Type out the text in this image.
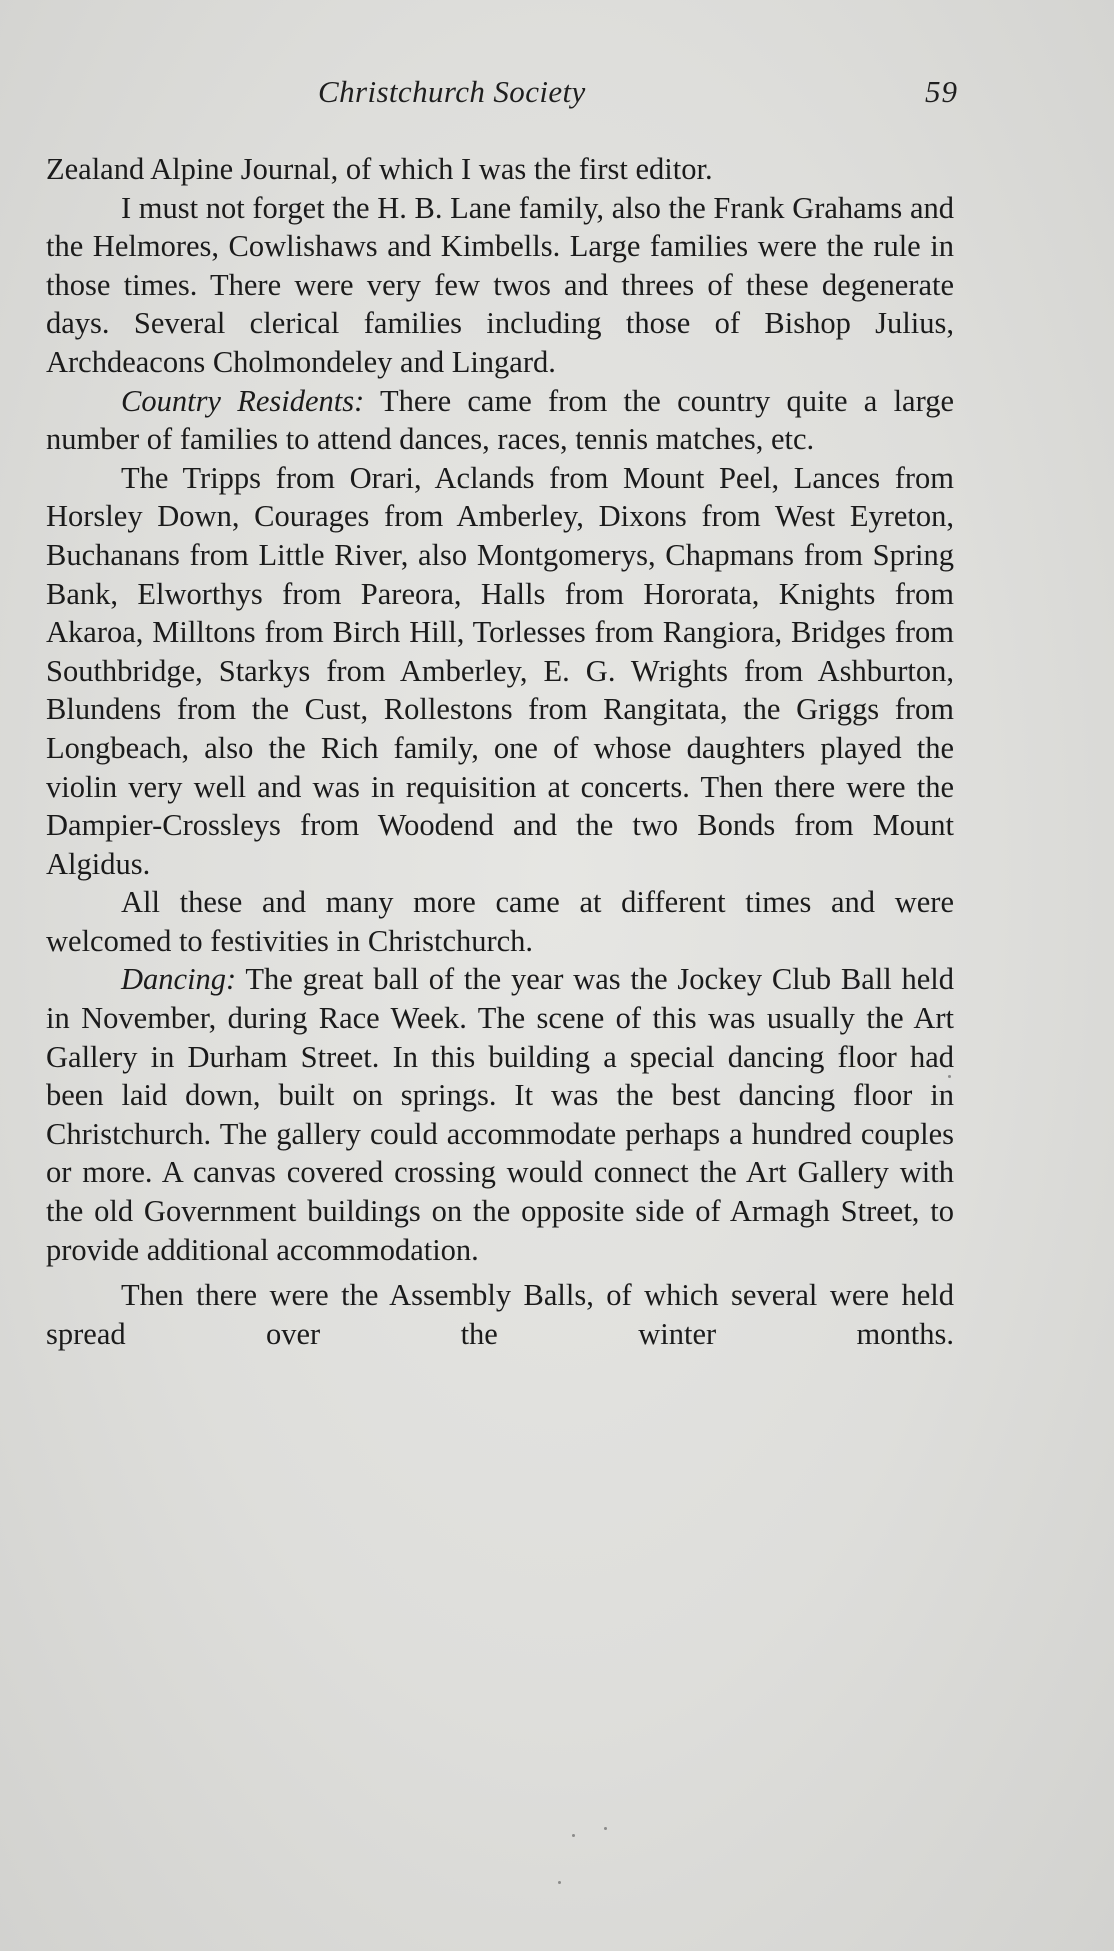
Christchurch Society	59

Zealand Alpine Journal, of which I was the first editor.

I must not forget the H. B. Lane family, also the Frank Grahams and the Helmores, Cowlishaws and Kimbells. Large families were the rule in those times. There were very few twos and threes of these degenerate days. Several clerical families including those of Bishop Julius, Archdeacons Cholmondeley and Lingard.

Country Residents: There came from the country quite a large number of families to attend dances, races, tennis matches, etc.

The Tripps from Orari, Aclands from Mount Peel, Lances from Horsley Down, Courages from Amberley, Dixons from West Eyreton, Buchanans from Little River, also Montgomerys, Chapmans from Spring Bank, Elworthys from Pareora, Halls from Hororata, Knights from Akaroa, Milltons from Birch Hill, Torlesses from Rangiora, Bridges from Southbridge, Starkys from Amberley, E. G. Wrights from Ashburton, Blundens from the Cust, Rollestons from Rangitata, the Griggs from Longbeach, also the Rich family, one of whose daughters played the violin very well and was in requisition at concerts. Then there were the Dampier-Crossleys from Woodend and the two Bonds from Mount Algidus.

All these and many more came at different times and were welcomed to festivities in Christchurch.

Dancing: The great ball of the year was the Jockey Club Ball held in November, during Race Week. The scene of this was usually the Art Gallery in Durham Street. In this building a special dancing floor had been laid down, built on springs. It was the best dancing floor in Christchurch. The gallery could accommodate perhaps a hundred couples or more. A canvas covered crossing would connect the Art Gallery with the old Government buildings on the opposite side of Armagh Street, to provide additional accommodation.

Then there were the Assembly Balls, of which several were held spread over the winter months.
